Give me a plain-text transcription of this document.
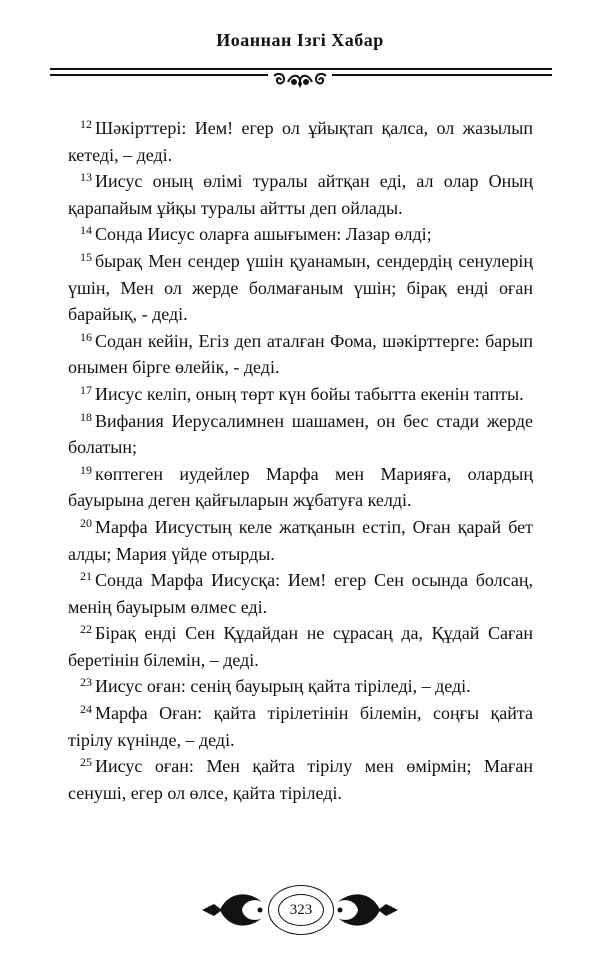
Иоаннан Ізгі Хабар

$^{12}$ Шәкірттері: Ием! егер ол ұйықтап қалса, ол жазылып кетеді, – деді.

$^{13}$ Иисус оның өлімі туралы айтқан еді, ал олар Оның қарапайым ұйқы туралы айтты деп ойлады.

$^{14}$ Сонда Иисус оларға ашығымен: Лазар өлді;

$^{15}$ бырақ Мен сендер үшін қуанамын, сендердің сенулерің үшін, Мен ол жерде болмағаным үшін; бірақ енді оған барайық, - деді.

$^{16}$ Содан кейін, Егіз деп аталған Фома, шәкірттерге: барып онымен бірге өлейік, - деді.

$^{17}$ Иисус келіп, оның төрт күн бойы табытта екенін тапты.

$^{18}$ Вифания Иерусалимнен шашамен, он бес стади жерде болатын;

$^{19}$ көптеген иудейлер Марфа мен Марияға, олардың бауырына деген қайғыларын жұбатуға келді.

$^{20}$ Марфа Иисустың келе жатқанын естіп, Оған қарай бет алды; Мария үйде отырды.

$^{21}$ Сонда Марфа Иисусқа: Ием! егер Сен осында болсаң, менің бауырым өлмес еді.

$^{22}$ Бірақ енді Сен Құдайдан не сұрасаң да, Құдай Саған беретінін білемін, – деді.

$^{23}$ Иисус оған: сенің бауырың қайта тіріледі, – деді.

$^{24}$ Марфа Оған: қайта тірілетінін білемін, соңғы қайта тірілу күнінде, – деді.

$^{25}$ Иисус оған: Мен қайта тірілу мен өмірмін; Маған сенуші, егер ол өлсе, қайта тіріледі.

323
